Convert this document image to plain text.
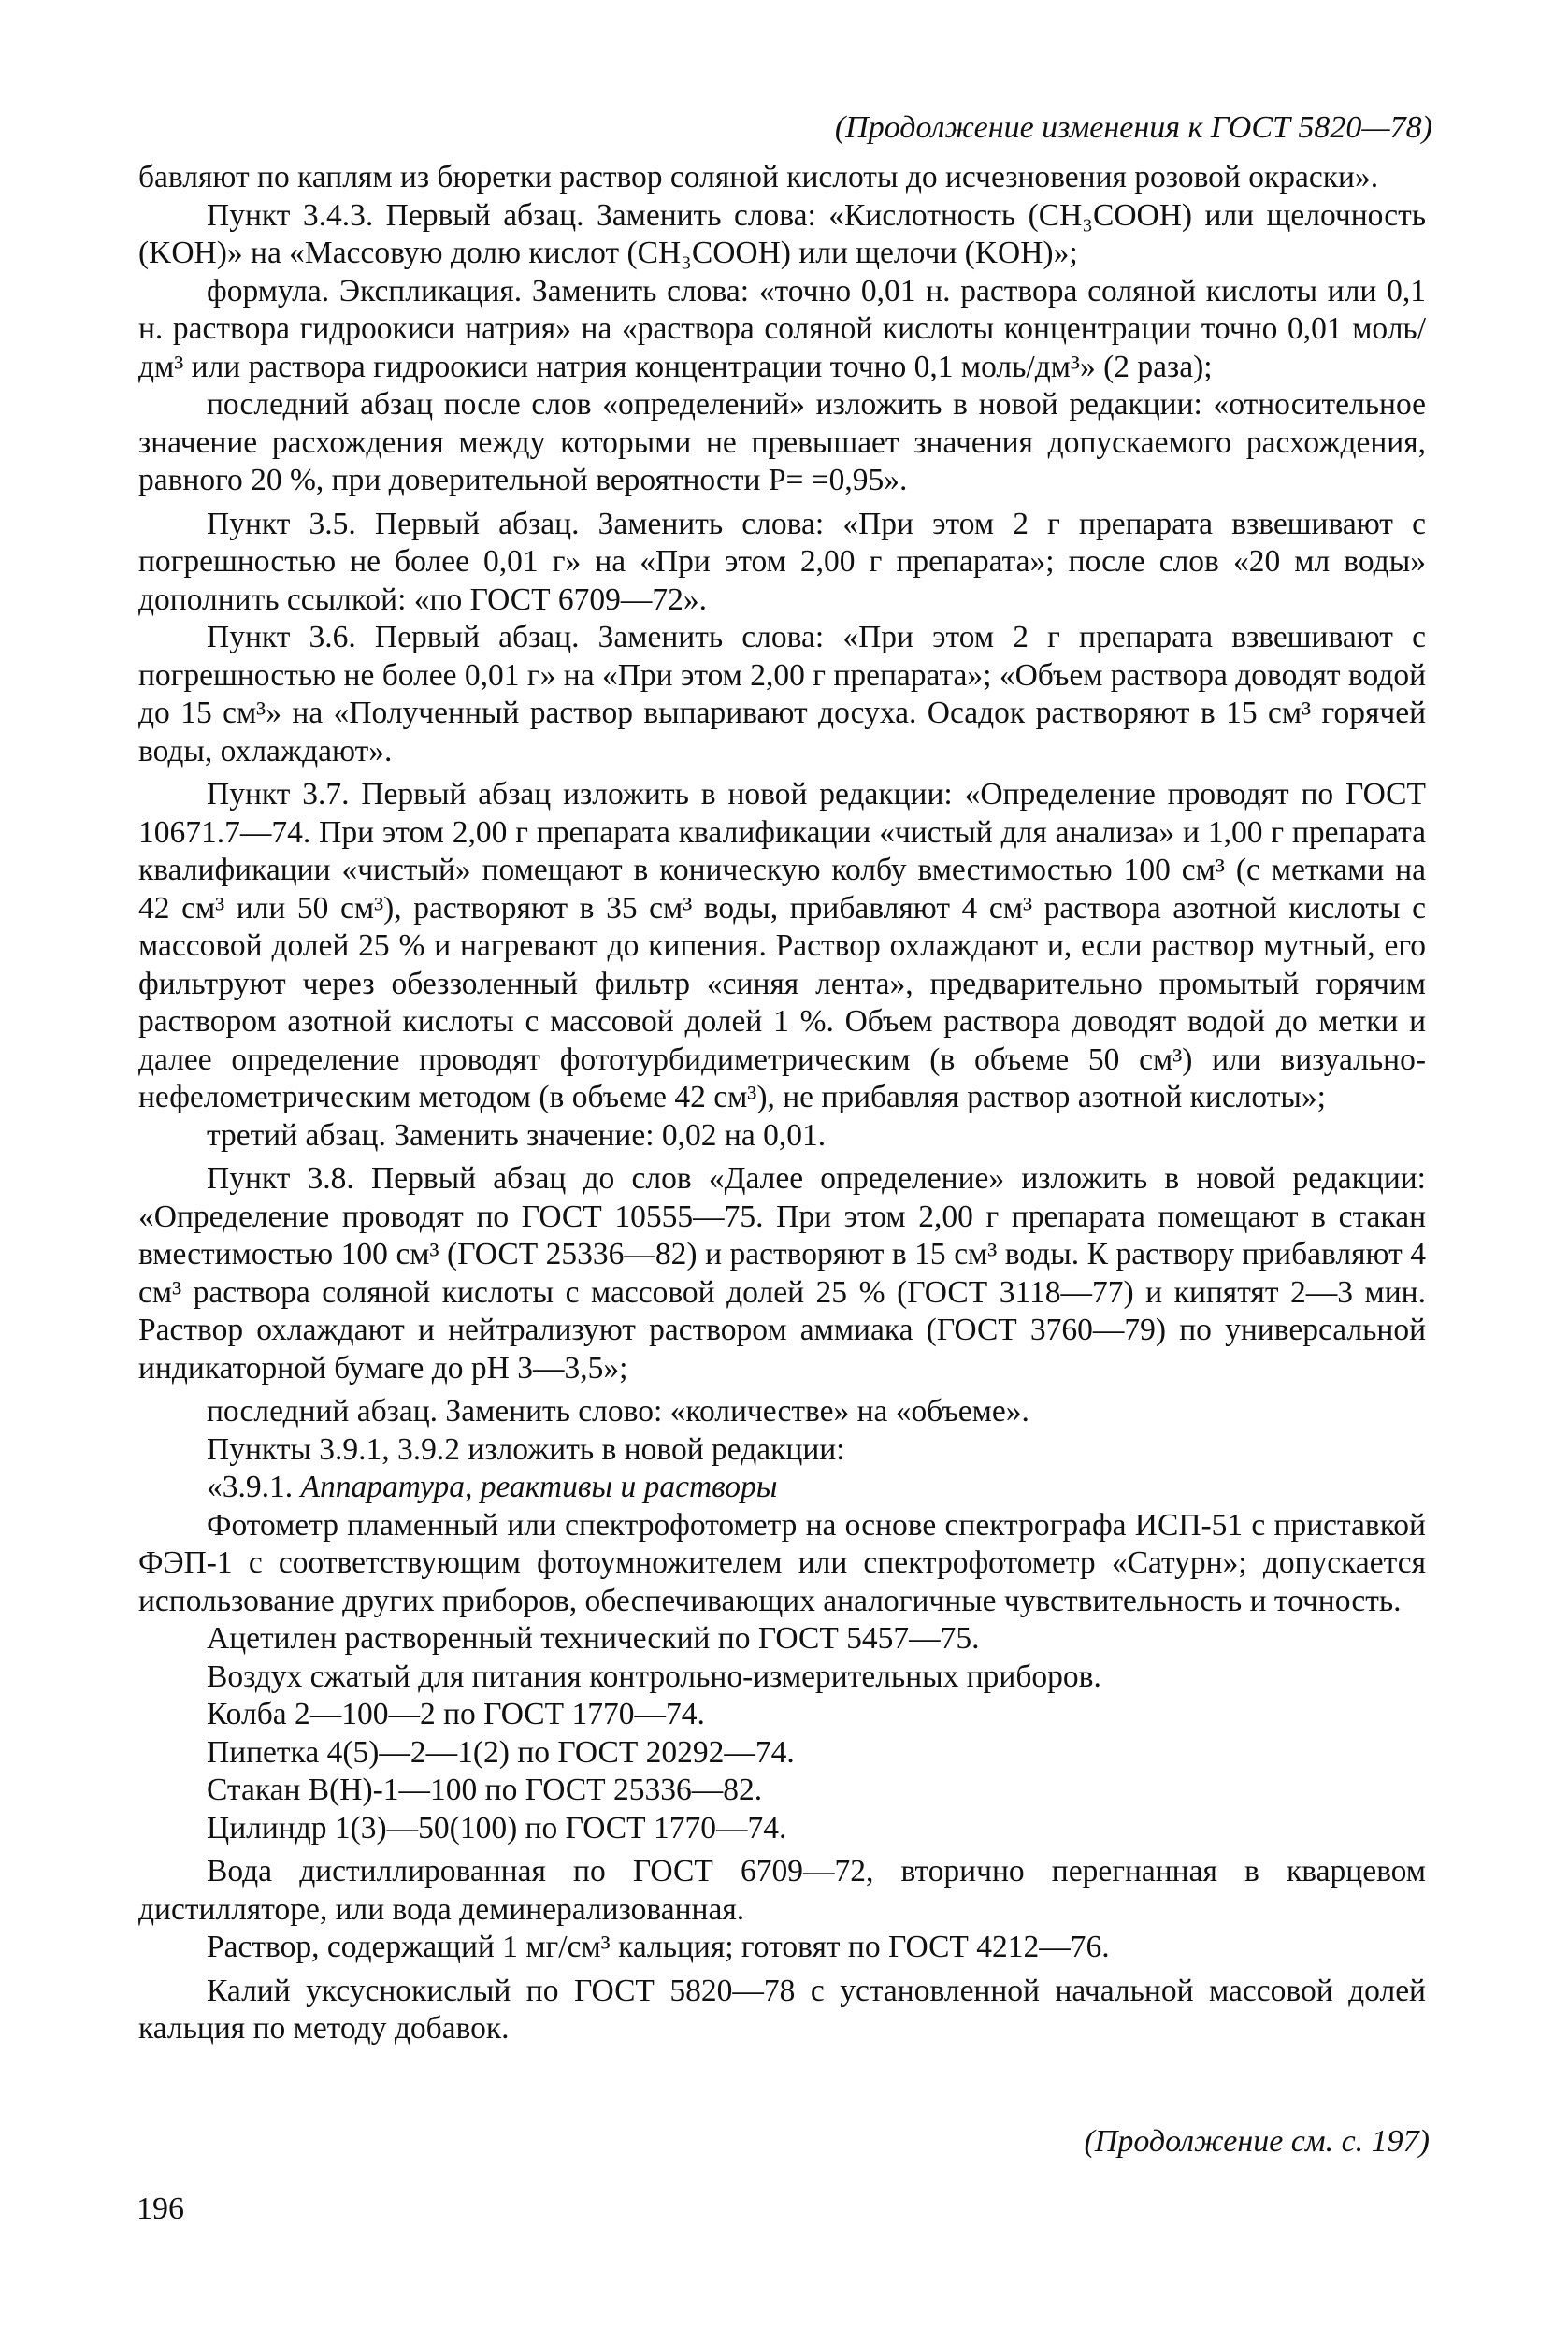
(Продолжение изменения к ГОСТ 5820—78)

бавляют по каплям из бюретки раствор соляной кислоты до исчезновения розовой окраски».

Пункт 3.4.3. Первый абзац. Заменить слова: «Кислотность (CH₃COOH) или щелочность (KOH)» на «Массовую долю кислот (CH₃COOH) или щелочи (KOH)»;

формула. Экспликация. Заменить слова: «точно 0,01 н. раствора соляной кислоты или 0,1 н. раствора гидроокиси натрия» на «раствора соляной кислоты концентрации точно 0,01 моль/дм³ или раствора гидроокиси натрия концентрации точно 0,1 моль/дм³» (2 раза);

последний абзац после слов «определений» изложить в новой редакции: «относительное значение расхождения между которыми не превышает значения допускаемого расхождения, равного 20 %, при доверительной вероятности P= =0,95».

Пункт 3.5. Первый абзац. Заменить слова: «При этом 2 г препарата взвешивают с погрешностью не более 0,01 г» на «При этом 2,00 г препарата»; после слов «20 мл воды» дополнить ссылкой: «по ГОСТ 6709—72».

Пункт 3.6. Первый абзац. Заменить слова: «При этом 2 г препарата взвешивают с погрешностью не более 0,01 г» на «При этом 2,00 г препарата»; «Объем раствора доводят водой до 15 см³» на «Полученный раствор выпаривают досуха. Осадок растворяют в 15 см³ горячей воды, охлаждают».

Пункт 3.7. Первый абзац изложить в новой редакции: «Определение проводят по ГОСТ 10671.7—74. При этом 2,00 г препарата квалификации «чистый для анализа» и 1,00 г препарата квалификации «чистый» помещают в коническую колбу вместимостью 100 см³ (с метками на 42 см³ или 50 см³), растворяют в 35 см³ воды, прибавляют 4 см³ раствора азотной кислоты с массовой долей 25 % и нагревают до кипения. Раствор охлаждают и, если раствор мутный, его фильтруют через обеззоленный фильтр «синяя лента», предварительно промытый горячим раствором азотной кислоты с массовой долей 1 %. Объем раствора доводят водой до метки и далее определение проводят фототурбидиметрическим (в объеме 50 см³) или визуально-нефелометрическим методом (в объеме 42 см³), не прибавляя раствор азотной кислоты»;

третий абзац. Заменить значение: 0,02 на 0,01.

Пункт 3.8. Первый абзац до слов «Далее определение» изложить в новой редакции: «Определение проводят по ГОСТ 10555—75. При этом 2,00 г препарата помещают в стакан вместимостью 100 см³ (ГОСТ 25336—82) и растворяют в 15 см³ воды. К раствору прибавляют 4 см³ раствора соляной кислоты с массовой долей 25 % (ГОСТ 3118—77) и кипятят 2—3 мин. Раствор охлаждают и нейтрализуют раствором аммиака (ГОСТ 3760—79) по универсальной индикаторной бумаге до pH 3—3,5»;

последний абзац. Заменить слово: «количестве» на «объеме».

Пункты 3.9.1, 3.9.2 изложить в новой редакции:

«3.9.1. Аппаратура, реактивы и растворы

Фотометр пламенный или спектрофотометр на основе спектрографа ИСП-51 с приставкой ФЭП-1 с соответствующим фотоумножителем или спектрофотометр «Сатурн»; допускается использование других приборов, обеспечивающих аналогичные чувствительность и точность.

Ацетилен растворенный технический по ГОСТ 5457—75.

Воздух сжатый для питания контрольно-измерительных приборов.

Колба 2—100—2 по ГОСТ 1770—74.

Пипетка 4(5)—2—1(2) по ГОСТ 20292—74.

Стакан В(Н)-1—100 по ГОСТ 25336—82.

Цилиндр 1(3)—50(100) по ГОСТ 1770—74.

Вода дистиллированная по ГОСТ 6709—72, вторично перегнанная в кварцевом дистилляторе, или вода деминерализованная.

Раствор, содержащий 1 мг/см³ кальция; готовят по ГОСТ 4212—76.

Калий уксуснокислый по ГОСТ 5820—78 с установленной начальной массовой долей кальция по методу добавок.

(Продолжение см. с. 197)
196
